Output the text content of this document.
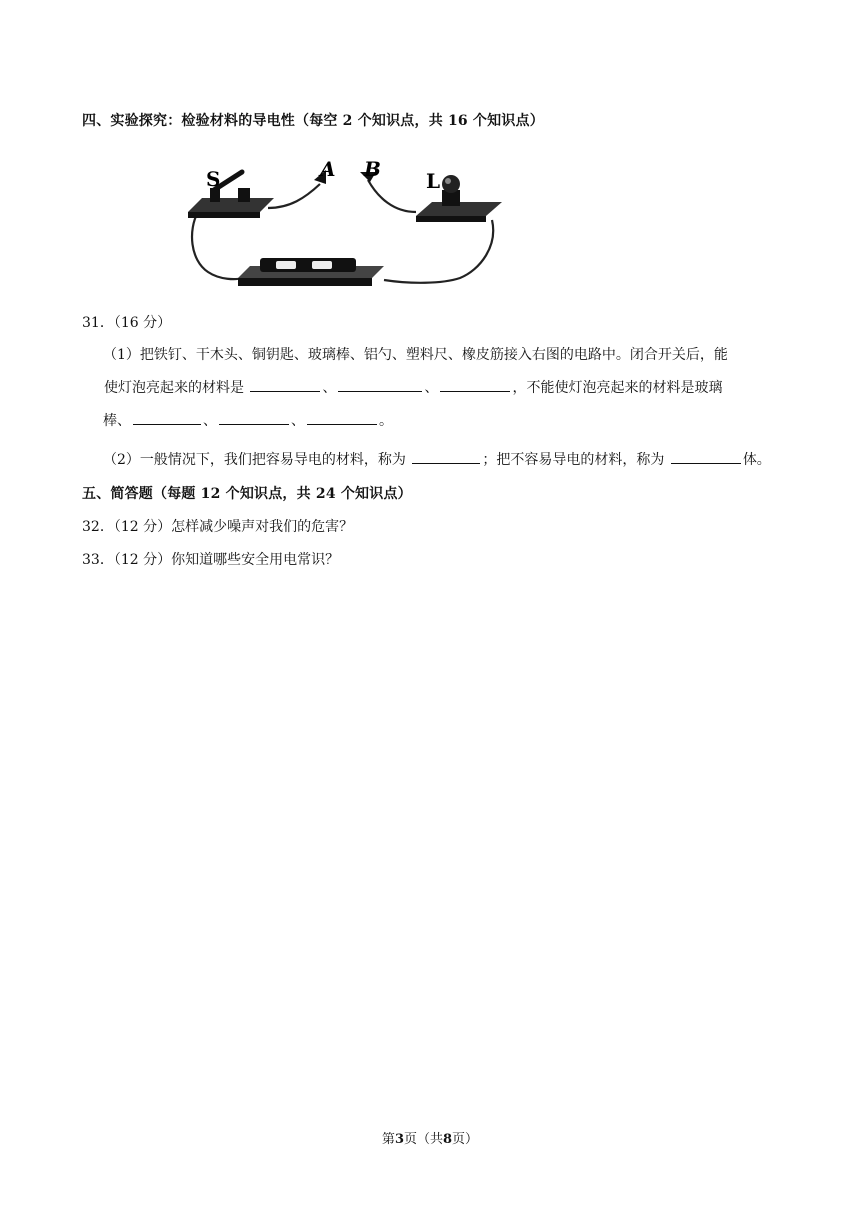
四、实验探究：检验材料的导电性（每空 2 个知识点，共 16 个知识点）
S	A B L
31．（16 分）
（1）把铁钉、干木头、铜钥匙、玻璃棒、铝勺、塑料尺、橡皮筋接入右图的电路中。闭合开关后，能
使灯泡亮起来的材料是	、	、	，不能使灯泡亮起来的材料是玻璃
棒、	、	、	。
（2）一般情况下，我们把容易导电的材料，称为	；把不容易导电的材料，称为	体。
五、简答题（每题 12 个知识点，共 24 个知识点）
32．（12 分）怎样减少噪声对我们的危害？
33．（12 分）你知道哪些安全用电常识？
第3页（共8页）
